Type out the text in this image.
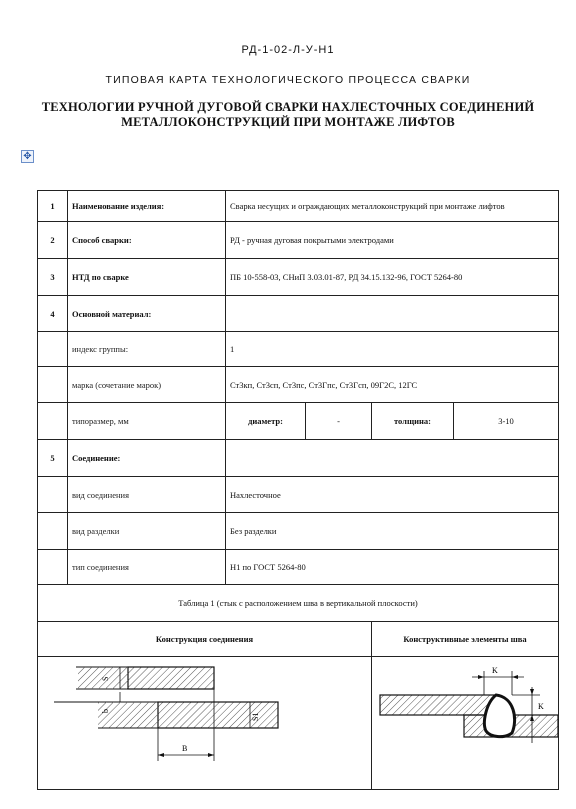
РД-1-02-Л-У-Н1
ТИПОВАЯ КАРТА ТЕХНОЛОГИЧЕСКОГО ПРОЦЕССА СВАРКИ
ТЕХНОЛОГИИ РУЧНОЙ ДУГОВОЙ СВАРКИ НАХЛЕСТОЧНЫХ СОЕДИНЕНИЙ
МЕТАЛЛОКОНСТРУКЦИЙ ПРИ МОНТАЖЕ ЛИФТОВ
✥
1	Наименование изделия:	Сварка несущих и ограждающих металлоконструкций при монтаже лифтов			
2	Способ сварки:	РД - ручная дуговая покрытыми электродами			
3	НТД по сварке	ПБ 10-558-03, СНиП 3.03.01-87, РД 34.15.132-96, ГОСТ 5264-80			
4	Основной материал:				
	индекс группы:	1			
	марка (сочетание марок)	Ст3кп, Ст3сп, Ст3пс, Ст3Гпс, Ст3Гсп, 09Г2С, 12ГС			
	типоразмер, мм	диаметр:	-	толщина:	3-10
5	Соединение:				
	вид соединения	Нахлесточное			
	вид разделки	Без разделки			
	тип соединения	Н1 по ГОСТ 5264-80			
Таблица 1 (стык с расположением шва в вертикальной плоскости)					
Конструкция соединения				Конструктивные элементы шва	

S
b
S1
B				K
K	
